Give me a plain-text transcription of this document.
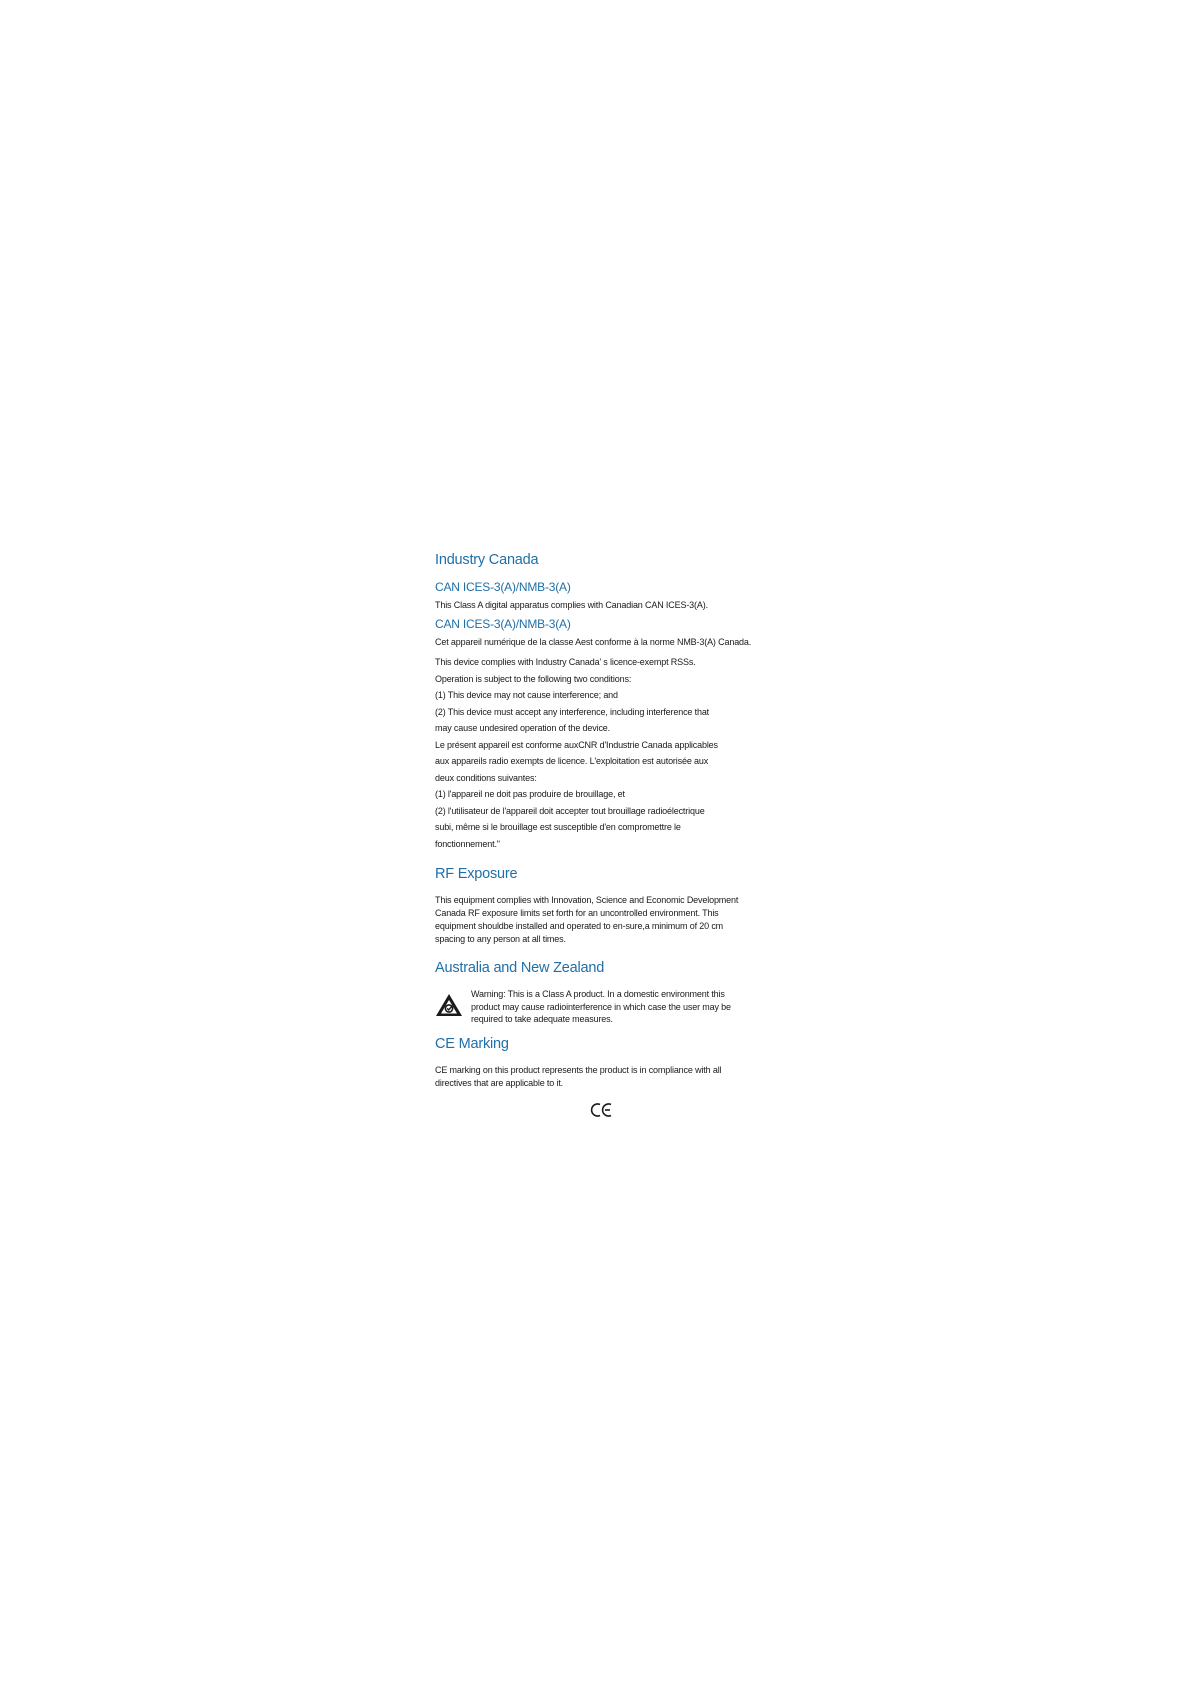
Industry Canada
CAN ICES-3(A)/NMB-3(A)

This Class A digital apparatus complies with Canadian CAN ICES-3(A).

CAN ICES-3(A)/NMB-3(A)

Cet appareil numérique de la classe Aest conforme à la norme NMB-3(A) Canada.

This device complies with Industry Canada’ s licence-exempt RSSs.

Operation is subject to the following two conditions:

(1) This device may not cause interference; and

(2) This device must accept any interference, including interference that

may cause undesired operation of the device.

Le présent appareil est conforme auxCNR d'Industrie Canada applicables

aux appareils radio exempts de licence. L'exploitation est autorisée aux

deux conditions suivantes:

(1) l'appareil ne doit pas produire de brouillage, et

(2) l'utilisateur de l'appareil doit accepter tout brouillage radioélectrique

subi, même si le brouillage est susceptible d'en compromettre le

fonctionnement."

RF Exposure

This equipment complies with Innovation, Science and Economic Development Canada RF exposure limits set forth for an uncontrolled environment. This equipment shouldbe installed and operated to en-sure,a minimum of 20 cm spacing to any person at all times.

Australia and New Zealand
Warning: This is a Class A product. In a domestic environment this product may cause radiointerference in which case the user may be required to take adequate measures.
CE Marking

CE marking on this product represents the product is in compliance with all directives that are applicable to it.
